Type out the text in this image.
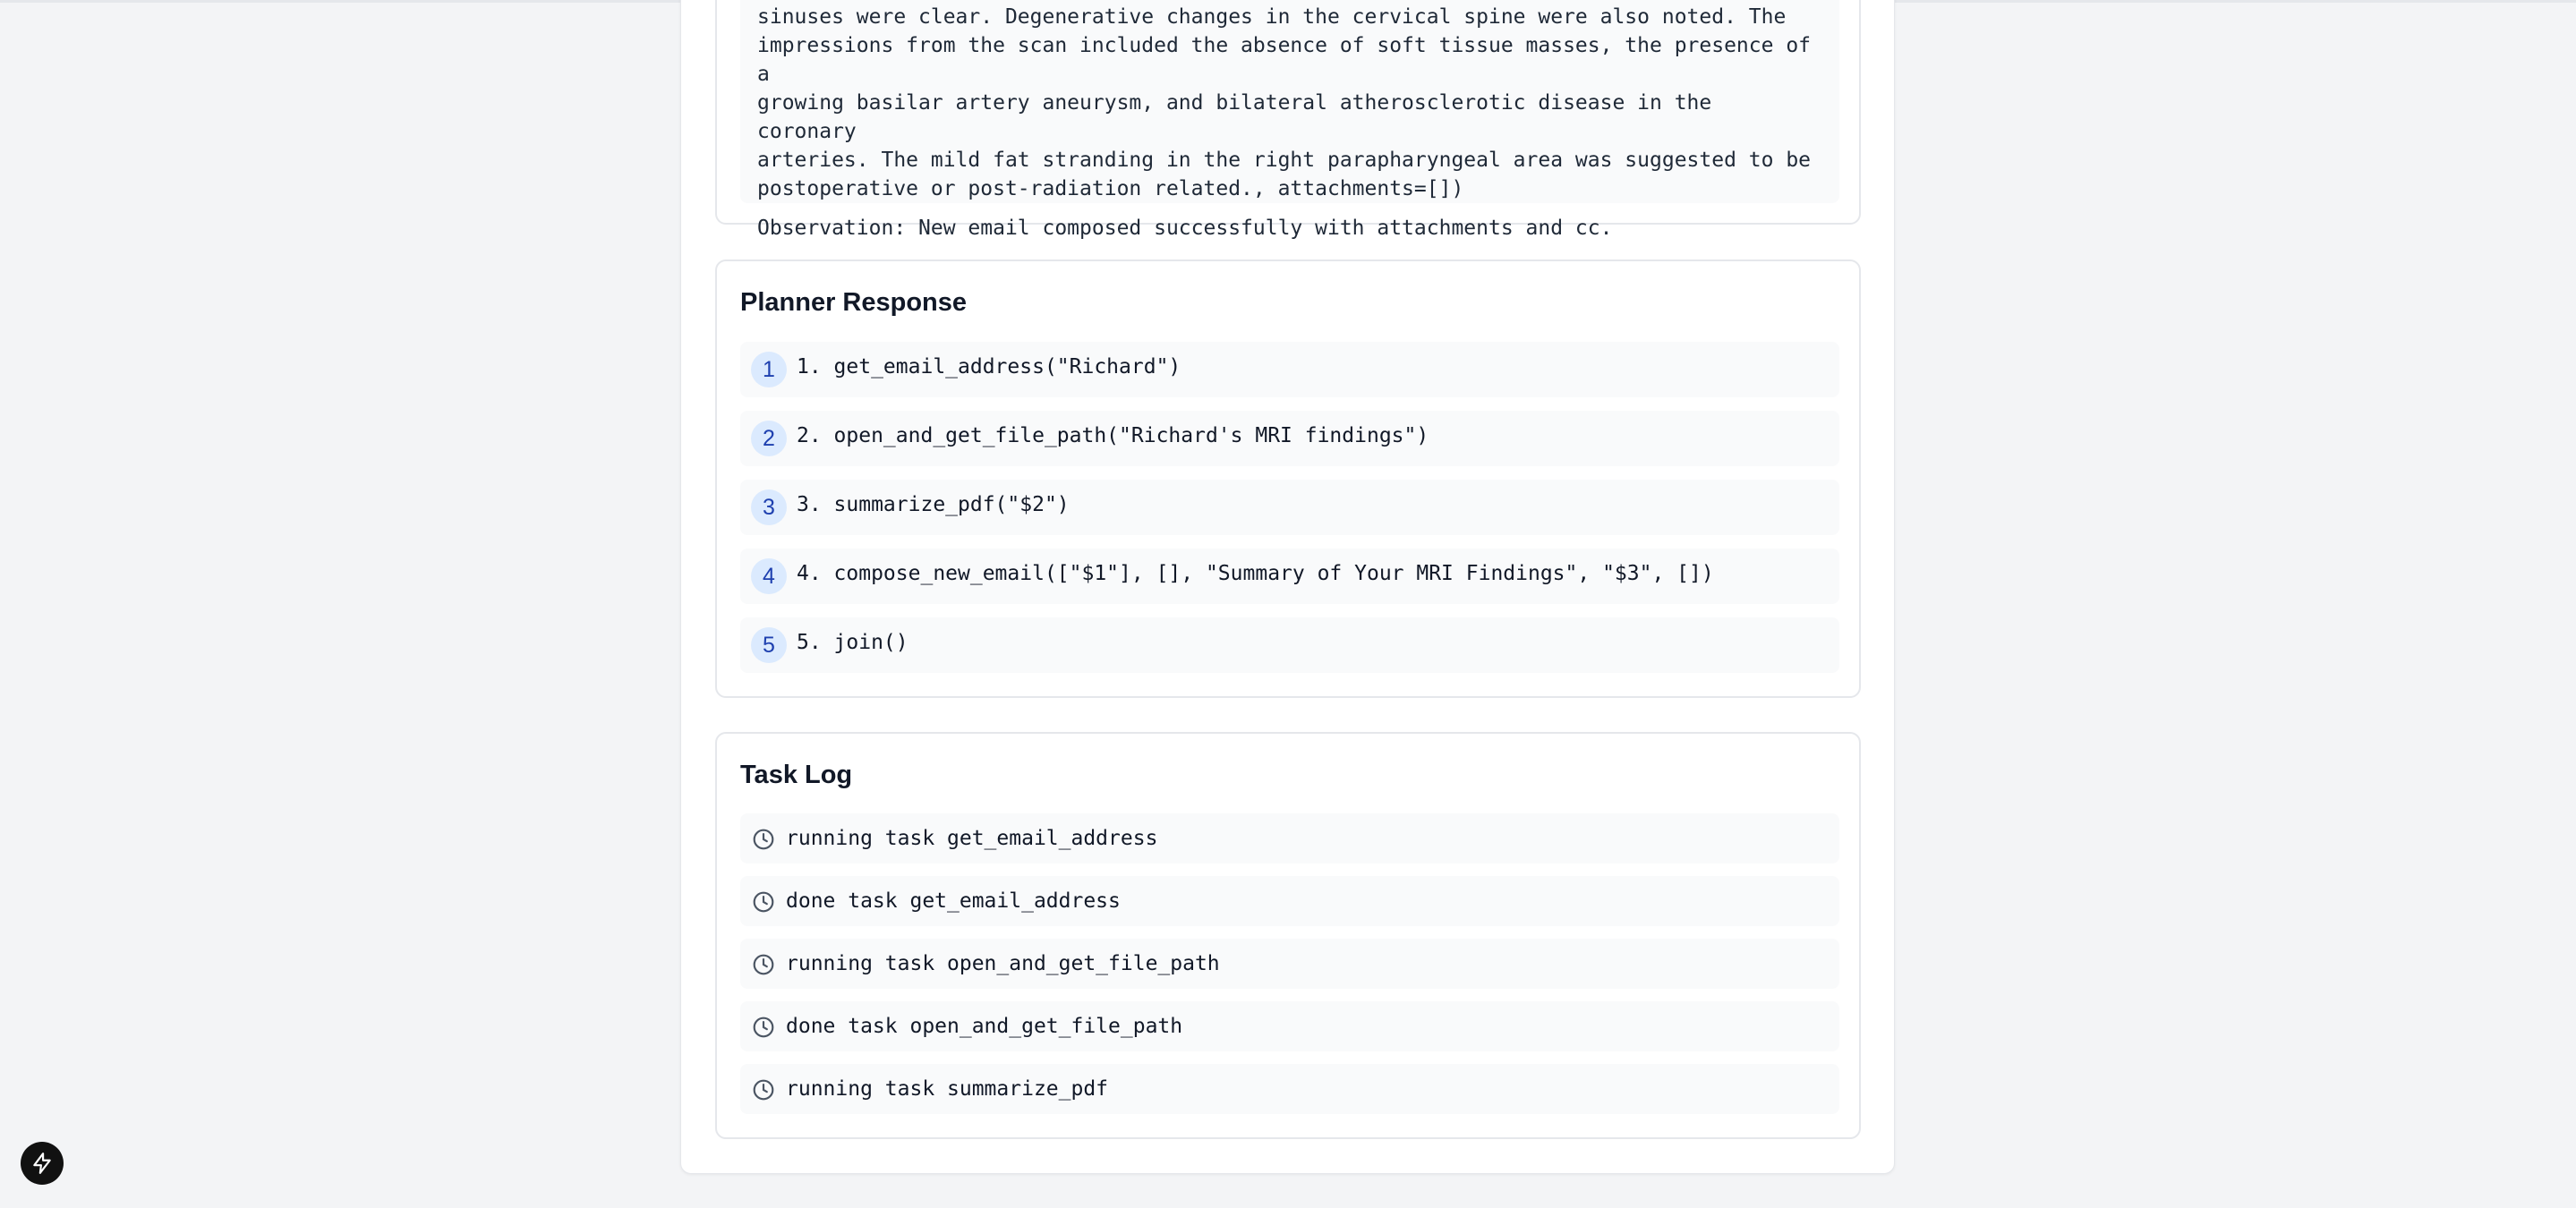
sinuses were clear. Degenerative changes in the cervical spine were also noted. The
impressions from the scan included the absence of soft tissue masses, the presence of a
growing basilar artery aneurysm, and bilateral atherosclerotic disease in the coronary
arteries. The mild fat stranding in the right parapharyngeal area was suggested to be
postoperative or post-radiation related., attachments=[])
Observation: New email composed successfully with attachments and cc.
Planner Response
1	1. get_email_address("Richard")
2	2. open_and_get_file_path("Richard's MRI findings")
3	3. summarize_pdf("$2")
4	4. compose_new_email(["$1"], [], "Summary of Your MRI Findings", "$3", [])
5	5. join()
Task Log
running task get_email_address
done task get_email_address
running task open_and_get_file_path
done task open_and_get_file_path
running task summarize_pdf
